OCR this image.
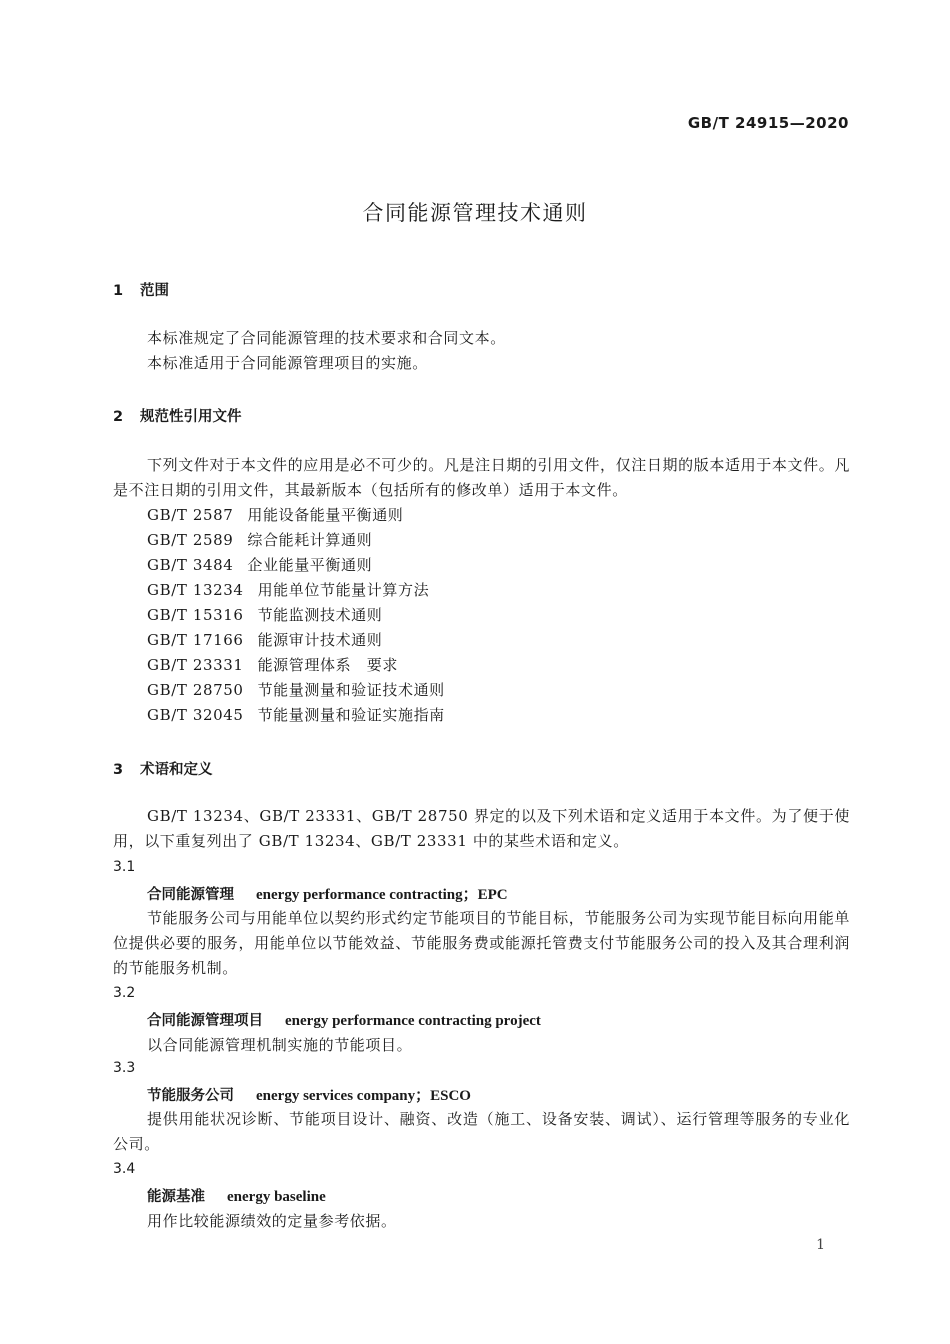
GB/T 24915—2020
合同能源管理技术通则
1 范围
本标准规定了合同能源管理的技术要求和合同文本。
本标准适用于合同能源管理项目的实施。
2 规范性引用文件
下列文件对于本文件的应用是必不可少的。凡是注日期的引用文件，仅注日期的版本适用于本文件。凡是不注日期的引用文件，其最新版本（包括所有的修改单）适用于本文件。
GB/T 2587 用能设备能量平衡通则
GB/T 2589 综合能耗计算通则
GB/T 3484 企业能量平衡通则
GB/T 13234 用能单位节能量计算方法
GB/T 15316 节能监测技术通则
GB/T 17166 能源审计技术通则
GB/T 23331 能源管理体系　要求
GB/T 28750 节能量测量和验证技术通则
GB/T 32045 节能量测量和验证实施指南
3 术语和定义
GB/T 13234、GB/T 23331、GB/T 28750 界定的以及下列术语和定义适用于本文件。为了便于使用，以下重复列出了 GB/T 13234、GB/T 23331 中的某些术语和定义。
3.1
合同能源管理 energy performance contracting；EPC
节能服务公司与用能单位以契约形式约定节能项目的节能目标，节能服务公司为实现节能目标向用能单位提供必要的服务，用能单位以节能效益、节能服务费或能源托管费支付节能服务公司的投入及其合理利润的节能服务机制。
3.2
合同能源管理项目 energy performance contracting project
以合同能源管理机制实施的节能项目。
3.3
节能服务公司 energy services company；ESCO
提供用能状况诊断、节能项目设计、融资、改造（施工、设备安装、调试）、运行管理等服务的专业化公司。
3.4
能源基准 energy baseline
用作比较能源绩效的定量参考依据。
1
